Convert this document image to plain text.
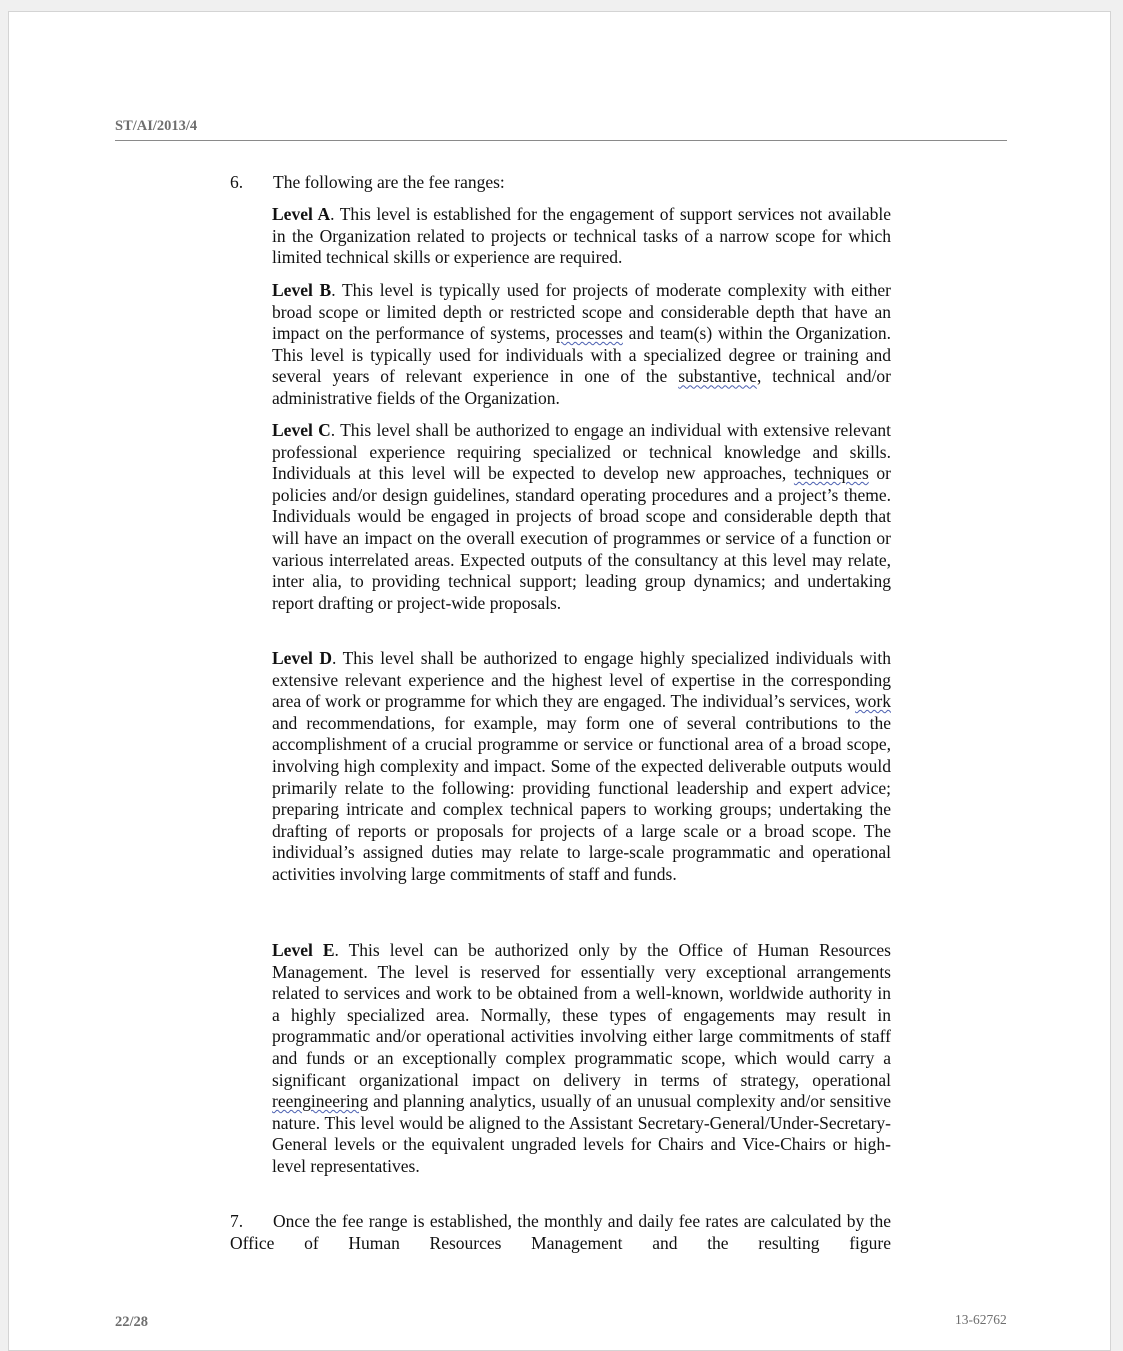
ST/AI/2013/4
6. The following are the fee ranges:
Level A. This level is established for the engagement of support services not available in the Organization related to projects or technical tasks of a narrow scope for which limited technical skills or experience are required.
Level B. This level is typically used for projects of moderate complexity with either broad scope or limited depth or restricted scope and considerable depth that have an impact on the performance of systems, processes and team(s) within the Organization. This level is typically used for individuals with a specialized degree or training and several years of relevant experience in one of the substantive, technical and/or administrative fields of the Organization.
Level C. This level shall be authorized to engage an individual with extensive relevant professional experience requiring specialized or technical knowledge and skills. Individuals at this level will be expected to develop new approaches, techniques or policies and/or design guidelines, standard operating procedures and a project’s theme. Individuals would be engaged in projects of broad scope and considerable depth that will have an impact on the overall execution of programmes or service of a function or various interrelated areas. Expected outputs of the consultancy at this level may relate, inter alia, to providing technical support; leading group dynamics; and undertaking report drafting or project-wide proposals.
Level D. This level shall be authorized to engage highly specialized individuals with extensive relevant experience and the highest level of expertise in the corresponding area of work or programme for which they are engaged. The individual’s services, work and recommendations, for example, may form one of several contributions to the accomplishment of a crucial programme or service or functional area of a broad scope, involving high complexity and impact. Some of the expected deliverable outputs would primarily relate to the following: providing functional leadership and expert advice; preparing intricate and complex technical papers to working groups; undertaking the drafting of reports or proposals for projects of a large scale or a broad scope. The individual’s assigned duties may relate to large-scale programmatic and operational activities involving large commitments of staff and funds.
Level E. This level can be authorized only by the Office of Human Resources Management. The level is reserved for essentially very exceptional arrangements related to services and work to be obtained from a well-known, worldwide authority in a highly specialized area. Normally, these types of engagements may result in programmatic and/or operational activities involving either large commitments of staff and funds or an exceptionally complex programmatic scope, which would carry a significant organizational impact on delivery in terms of strategy, operational reengineering and planning analytics, usually of an unusual complexity and/or sensitive nature. This level would be aligned to the Assistant Secretary-General/Under-Secretary-General levels or the equivalent ungraded levels for Chairs and Vice-Chairs or high-level representatives.
7. Once the fee range is established, the monthly and daily fee rates are calculated by the Office of Human Resources Management and the resulting figure
22/28	13-62762
